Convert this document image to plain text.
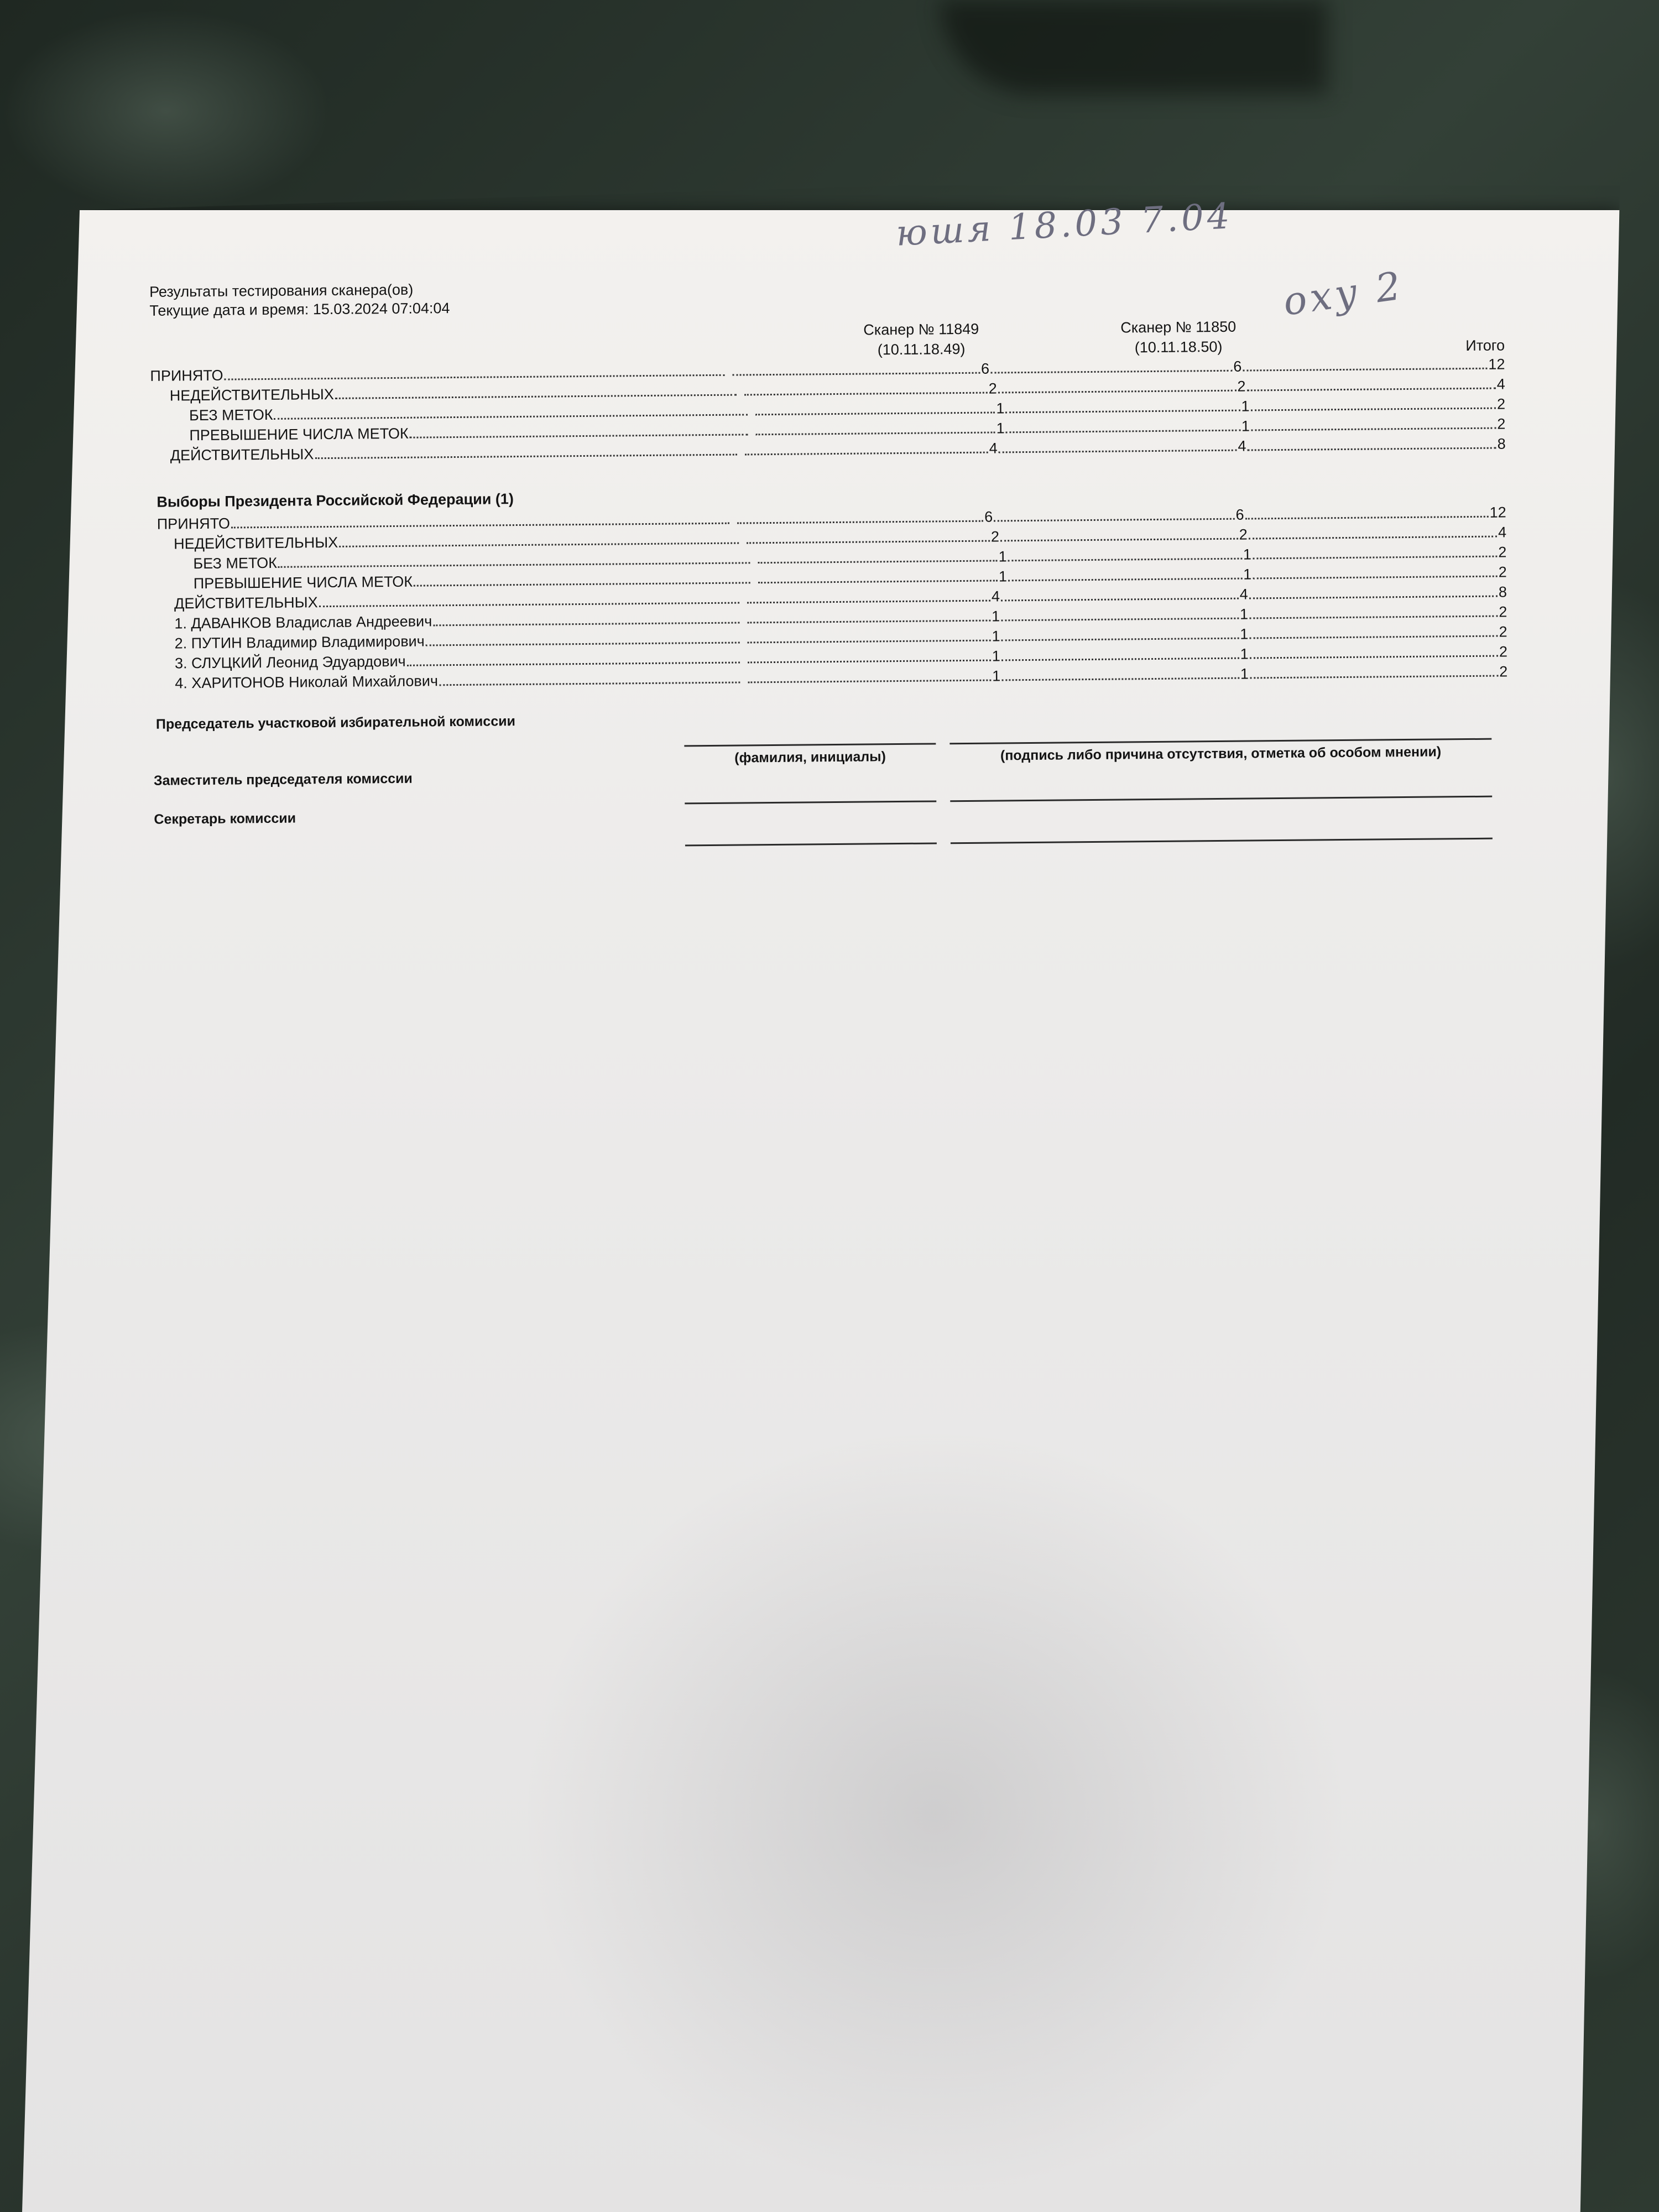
юшя 18.03 7.04
оху 2
Результаты тестирования сканера(ов)
Текущие дата и время: 15.03.2024 07:04:04
Сканер № 11849
(10.11.18.49)
Сканер № 11850
(10.11.18.50)	Итого
ПРИНЯТО	6	6	12
НЕДЕЙСТВИТЕЛЬНЫХ	2	2	4
БЕЗ МЕТОК	1	1	2
ПРЕВЫШЕНИЕ ЧИСЛА МЕТОК	1	1	2
ДЕЙСТВИТЕЛЬНЫХ	4	4	8
Выборы Президента Российской Федерации (1)
ПРИНЯТО	6	6	12
НЕДЕЙСТВИТЕЛЬНЫХ	2	2	4
БЕЗ МЕТОК	1	1	2
ПРЕВЫШЕНИЕ ЧИСЛА МЕТОК	1	1	2
ДЕЙСТВИТЕЛЬНЫХ	4	4	8
1. ДАВАНКОВ Владислав Андреевич	1	1	2
2. ПУТИН Владимир Владимирович	1	1	2
3. СЛУЦКИЙ Леонид Эдуардович	1	1	2
4. ХАРИТОНОВ Николай Михайлович	1	1	2
Председатель участковой избирательной комиссии
(фамилия, инициалы)	(подпись либо причина отсутствия, отметка об особом мнении)
Заместитель председателя комиссии
Секретарь комиссии
